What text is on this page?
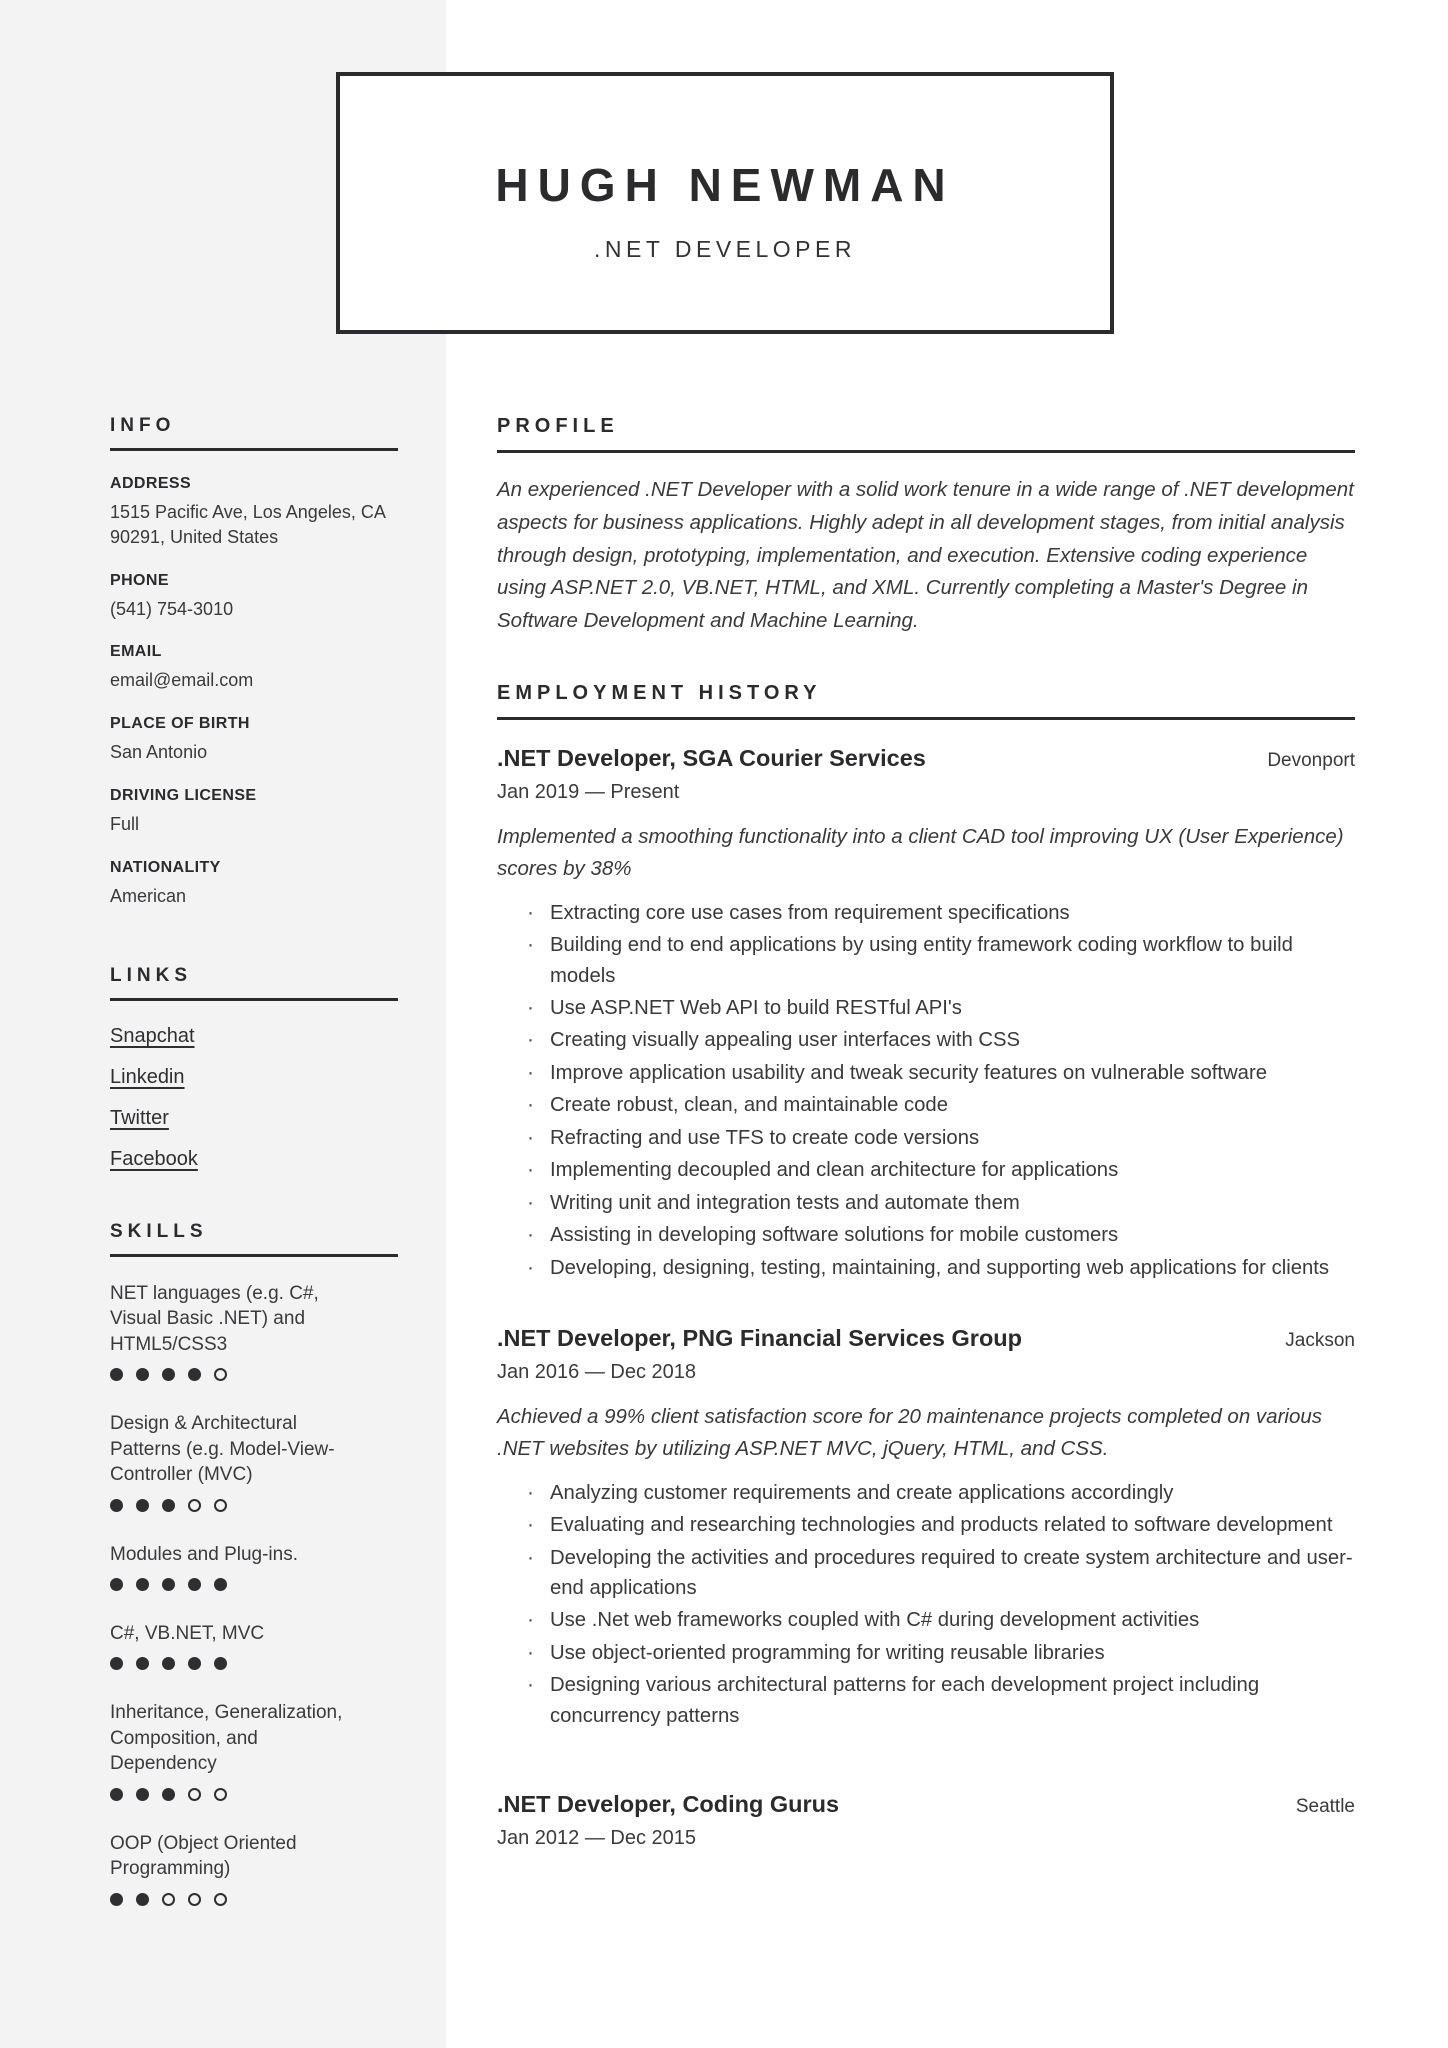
HUGH NEWMAN
.NET DEVELOPER
INFO
ADDRESS
1515 Pacific Ave, Los Angeles, CA 90291, United States
PHONE
(541) 754-3010
EMAIL
email@email.com
PLACE OF BIRTH
San Antonio
DRIVING LICENSE
Full
NATIONALITY
American
LINKS
Snapchat
Linkedin
Twitter
Facebook
SKILLS
NET languages (e.g. C#, Visual Basic .NET) and HTML5/CSS3
Design & Architectural Patterns (e.g. Model-View-Controller (MVC)
Modules and Plug-ins.
C#, VB.NET, MVC
Inheritance, Generalization, Composition, and Dependency
OOP (Object Oriented Programming)
PROFILE

An experienced .NET Developer with a solid work tenure in a wide range of .NET development aspects for business applications. Highly adept in all development stages, from initial analysis through design, prototyping, implementation, and execution. Extensive coding experience using ASP.NET 2.0, VB.NET, HTML, and XML. Currently completing a Master's Degree in Software Development and Machine Learning.

EMPLOYMENT HISTORY
.NET Developer, SGA Courier Services	Devonport
Jan 2019 — Present

Implemented a smoothing functionality into a client CAD tool improving UX (User Experience) scores by 38%

· Extracting core use cases from requirement specifications
· Building end to end applications by using entity framework coding workflow to build models
· Use ASP.NET Web API to build RESTful API's
· Creating visually appealing user interfaces with CSS
· Improve application usability and tweak security features on vulnerable software
· Create robust, clean, and maintainable code
· Refracting and use TFS to create code versions
· Implementing decoupled and clean architecture for applications
· Writing unit and integration tests and automate them
· Assisting in developing software solutions for mobile customers
· Developing, designing, testing, maintaining, and supporting web applications for clients
.NET Developer, PNG Financial Services Group	Jackson
Jan 2016 — Dec 2018

Achieved a 99% client satisfaction score for 20 maintenance projects completed on various .NET websites by utilizing ASP.NET MVC, jQuery, HTML, and CSS.

· Analyzing customer requirements and create applications accordingly
· Evaluating and researching technologies and products related to software development
· Developing the activities and procedures required to create system architecture and user-end applications
· Use .Net web frameworks coupled with C# during development activities
· Use object-oriented programming for writing reusable libraries
· Designing various architectural patterns for each development project including concurrency patterns
.NET Developer, Coding Gurus	Seattle
Jan 2012 — Dec 2015
